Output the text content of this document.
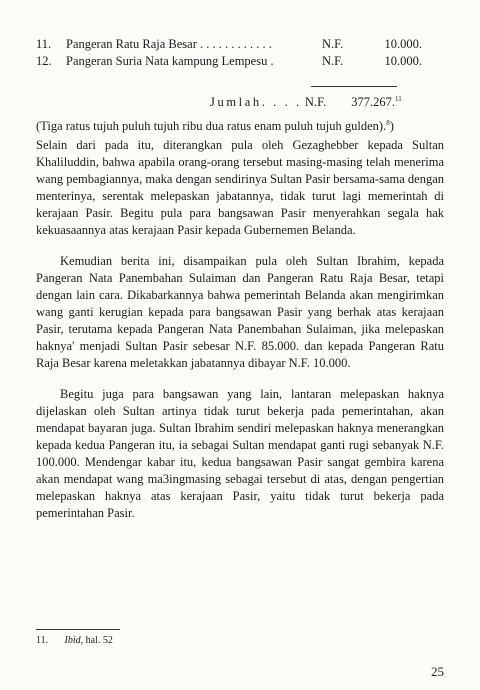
11.	Pangeran Ratu Raja Besar . . . . . . . . . . . .	N.F.	10.000.
12.	Pangeran Suria Nata kampung Lempesu .	N.F.	10.000.
Jumlah. . . . N.F. 377.267.11

(Tiga ratus tujuh puluh tujuh ribu dua ratus enam puluh tujuh gulden).$^8$)

Selain dari pada itu, diterangkan pula oleh Gezaghebber kepada Sultan Khaliluddin, bahwa apabila orang-orang tersebut masing-masing telah menerima wang pembagiannya, maka dengan sendirinya Sultan Pasir bersama-sama dengan menterinya, serentak melepaskan jabatannya, tidak turut lagi memerintah di kerajaan Pasir. Begitu pula para bangsawan Pasir menyerahkan segala hak kekuasaannya atas kerajaan Pasir kepada Gubernemen Belanda.

Kemudian berita ini, disampaikan pula oleh Sultan Ibrahim, kepada Pangeran Nata Panembahan Sulaiman dan Pangeran Ratu Raja Besar, tetapi dengan lain cara. Dikabarkannya bahwa pemerintah Belanda akan mengirimkan wang ganti kerugian kepada para bangsawan Pasir yang berhak atas kerajaan Pasir, terutama kepada Pangeran Nata Panembahan Sulaiman, jika melepaskan haknya' menjadi Sultan Pasir sebesar N.F. 85.000. dan kepada Pangeran Ratu Raja Besar karena meletakkan jabatannya dibayar N.F. 10.000.

Begitu juga para bangsawan yang lain, lantaran melepaskan haknya dijelaskan oleh Sultan artinya tidak turut bekerja pada pemerintahan, akan mendapat bayaran juga. Sultan Ibrahim sendiri melepaskan haknya menerangkan kepada kedua Pangeran itu, ia sebagai Sultan mendapat ganti rugi sebanyak N.F. 100.000. Mendengar kabar itu, kedua bangsawan Pasir sangat gembira karena akan mendapat wang ma3ingmasing sebagai tersebut di atas, dengan pengertian melepaskan haknya atas kerajaan Pasir, yaitu tidak turut bekerja pada pemerintahan Pasir.

11. Ibid, hal. 52
25
